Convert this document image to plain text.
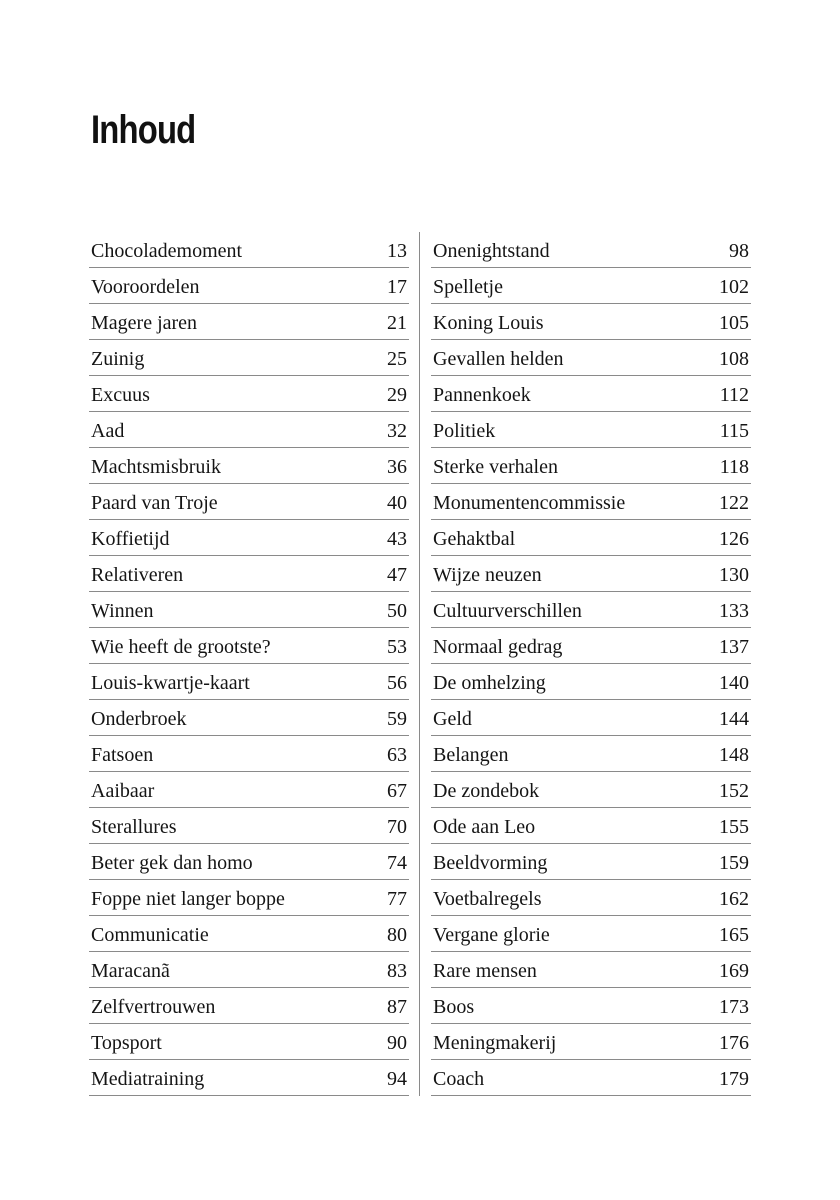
Inhoud
Chocolademoment	13
Vooroordelen	17
Magere jaren	21
Zuinig	25
Excuus	29
Aad	32
Machtsmisbruik	36
Paard van Troje	40
Koffietijd	43
Relativeren	47
Winnen	50
Wie heeft de grootste?	53
Louis-kwartje-kaart	56
Onderbroek	59
Fatsoen	63
Aaibaar	67
Sterallures	70
Beter gek dan homo	74
Foppe niet langer boppe	77
Communicatie	80
Maracanã	83
Zelfvertrouwen	87
Topsport	90
Mediatraining	94
Onenightstand	98
Spelletje	102
Koning Louis	105
Gevallen helden	108
Pannenkoek	112
Politiek	115
Sterke verhalen	118
Monumentencommissie	122
Gehaktbal	126
Wijze neuzen	130
Cultuurverschillen	133
Normaal gedrag	137
De omhelzing	140
Geld	144
Belangen	148
De zondebok	152
Ode aan Leo	155
Beeldvorming	159
Voetbalregels	162
Vergane glorie	165
Rare mensen	169
Boos	173
Meningmakerij	176
Coach	179
